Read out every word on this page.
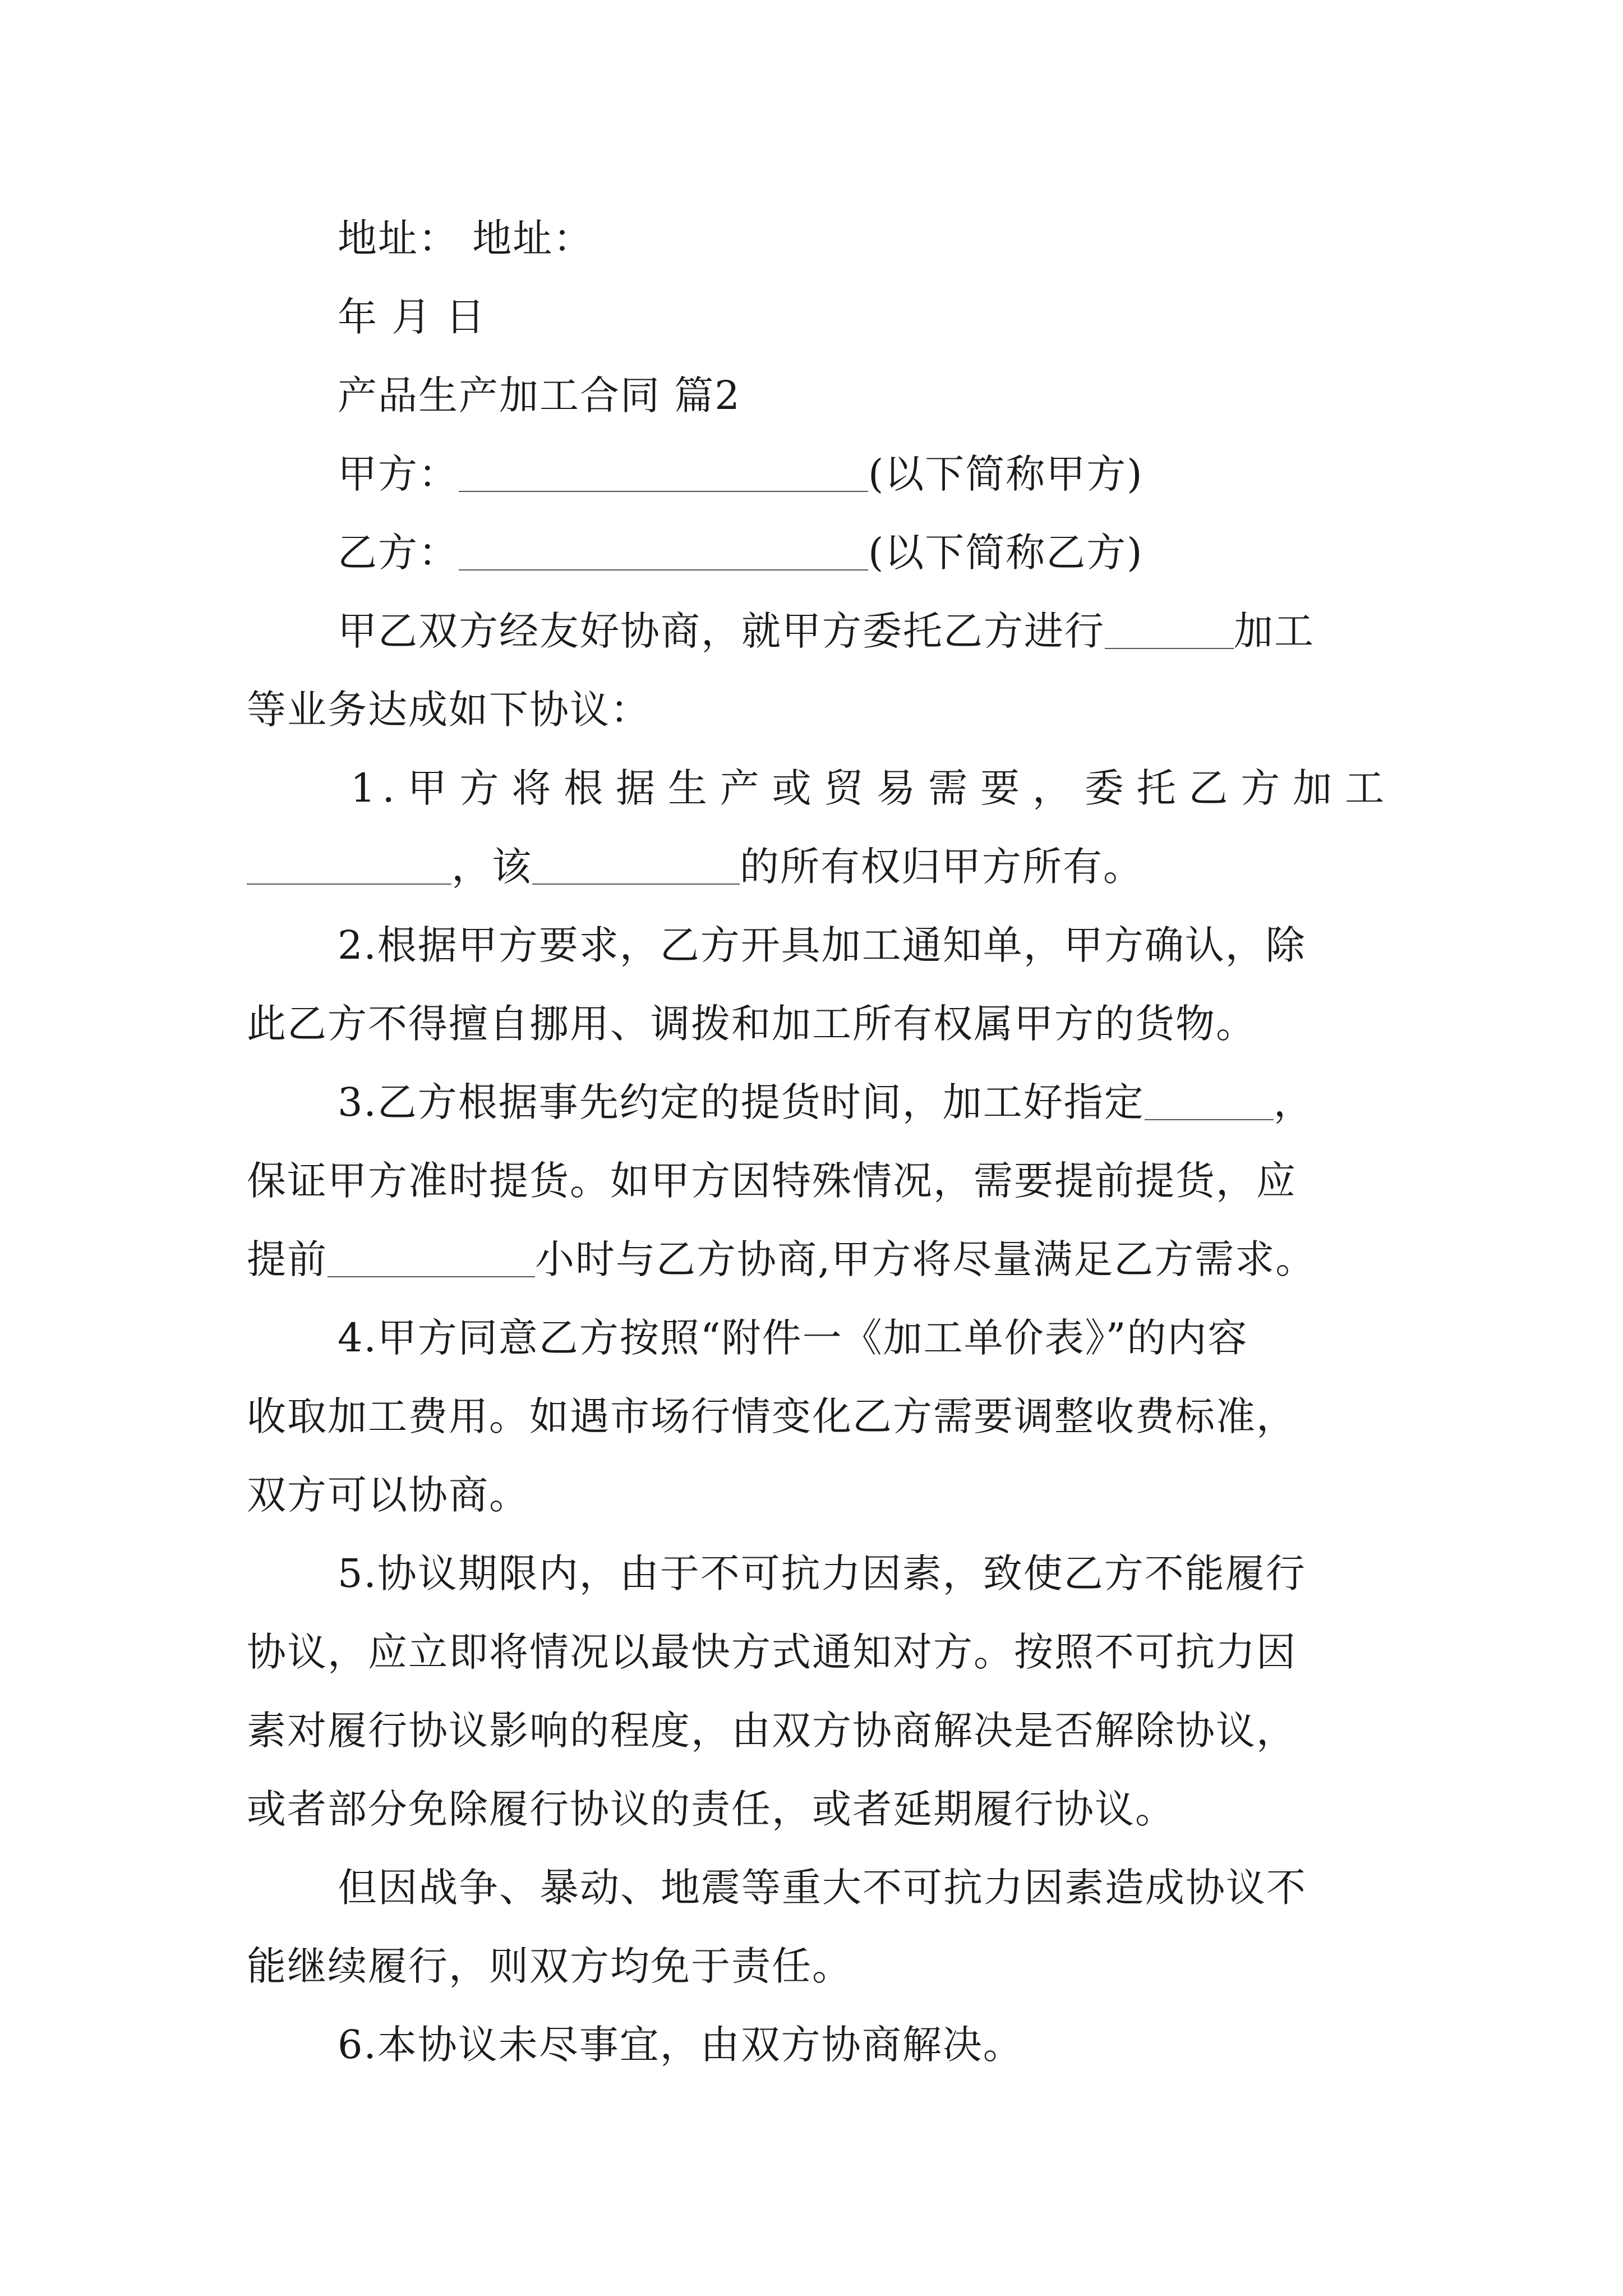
地址： 地址：
年 月 日
产品生产加工合同 篇2
甲方：	(以下简称甲方)
乙方：	(以下简称乙方)
甲乙双方经友好协商，就甲方委托乙方进行	加工
等业务达成如下协议：
1.甲方将根据生产或贸易需要，委托乙方加工
，该	的所有权归甲方所有。
2.根据甲方要求，乙方开具加工通知单，甲方确认，除
此乙方不得擅自挪用、调拨和加工所有权属甲方的货物。
3.乙方根据事先约定的提货时间，加工好指定	，
保证甲方准时提货。如甲方因特殊情况，需要提前提货，应
提前	小时与乙方协商,甲方将尽量满足乙方需求。
4.甲方同意乙方按照“附件一《加工单价表》”的内容
收取加工费用。如遇市场行情变化乙方需要调整收费标准，
双方可以协商。
5.协议期限内，由于不可抗力因素，致使乙方不能履行
协议，应立即将情况以最快方式通知对方。按照不可抗力因
素对履行协议影响的程度，由双方协商解决是否解除协议，
或者部分免除履行协议的责任，或者延期履行协议。
但因战争、暴动、地震等重大不可抗力因素造成协议不
能继续履行，则双方均免于责任。
6.本协议未尽事宜，由双方协商解决。
